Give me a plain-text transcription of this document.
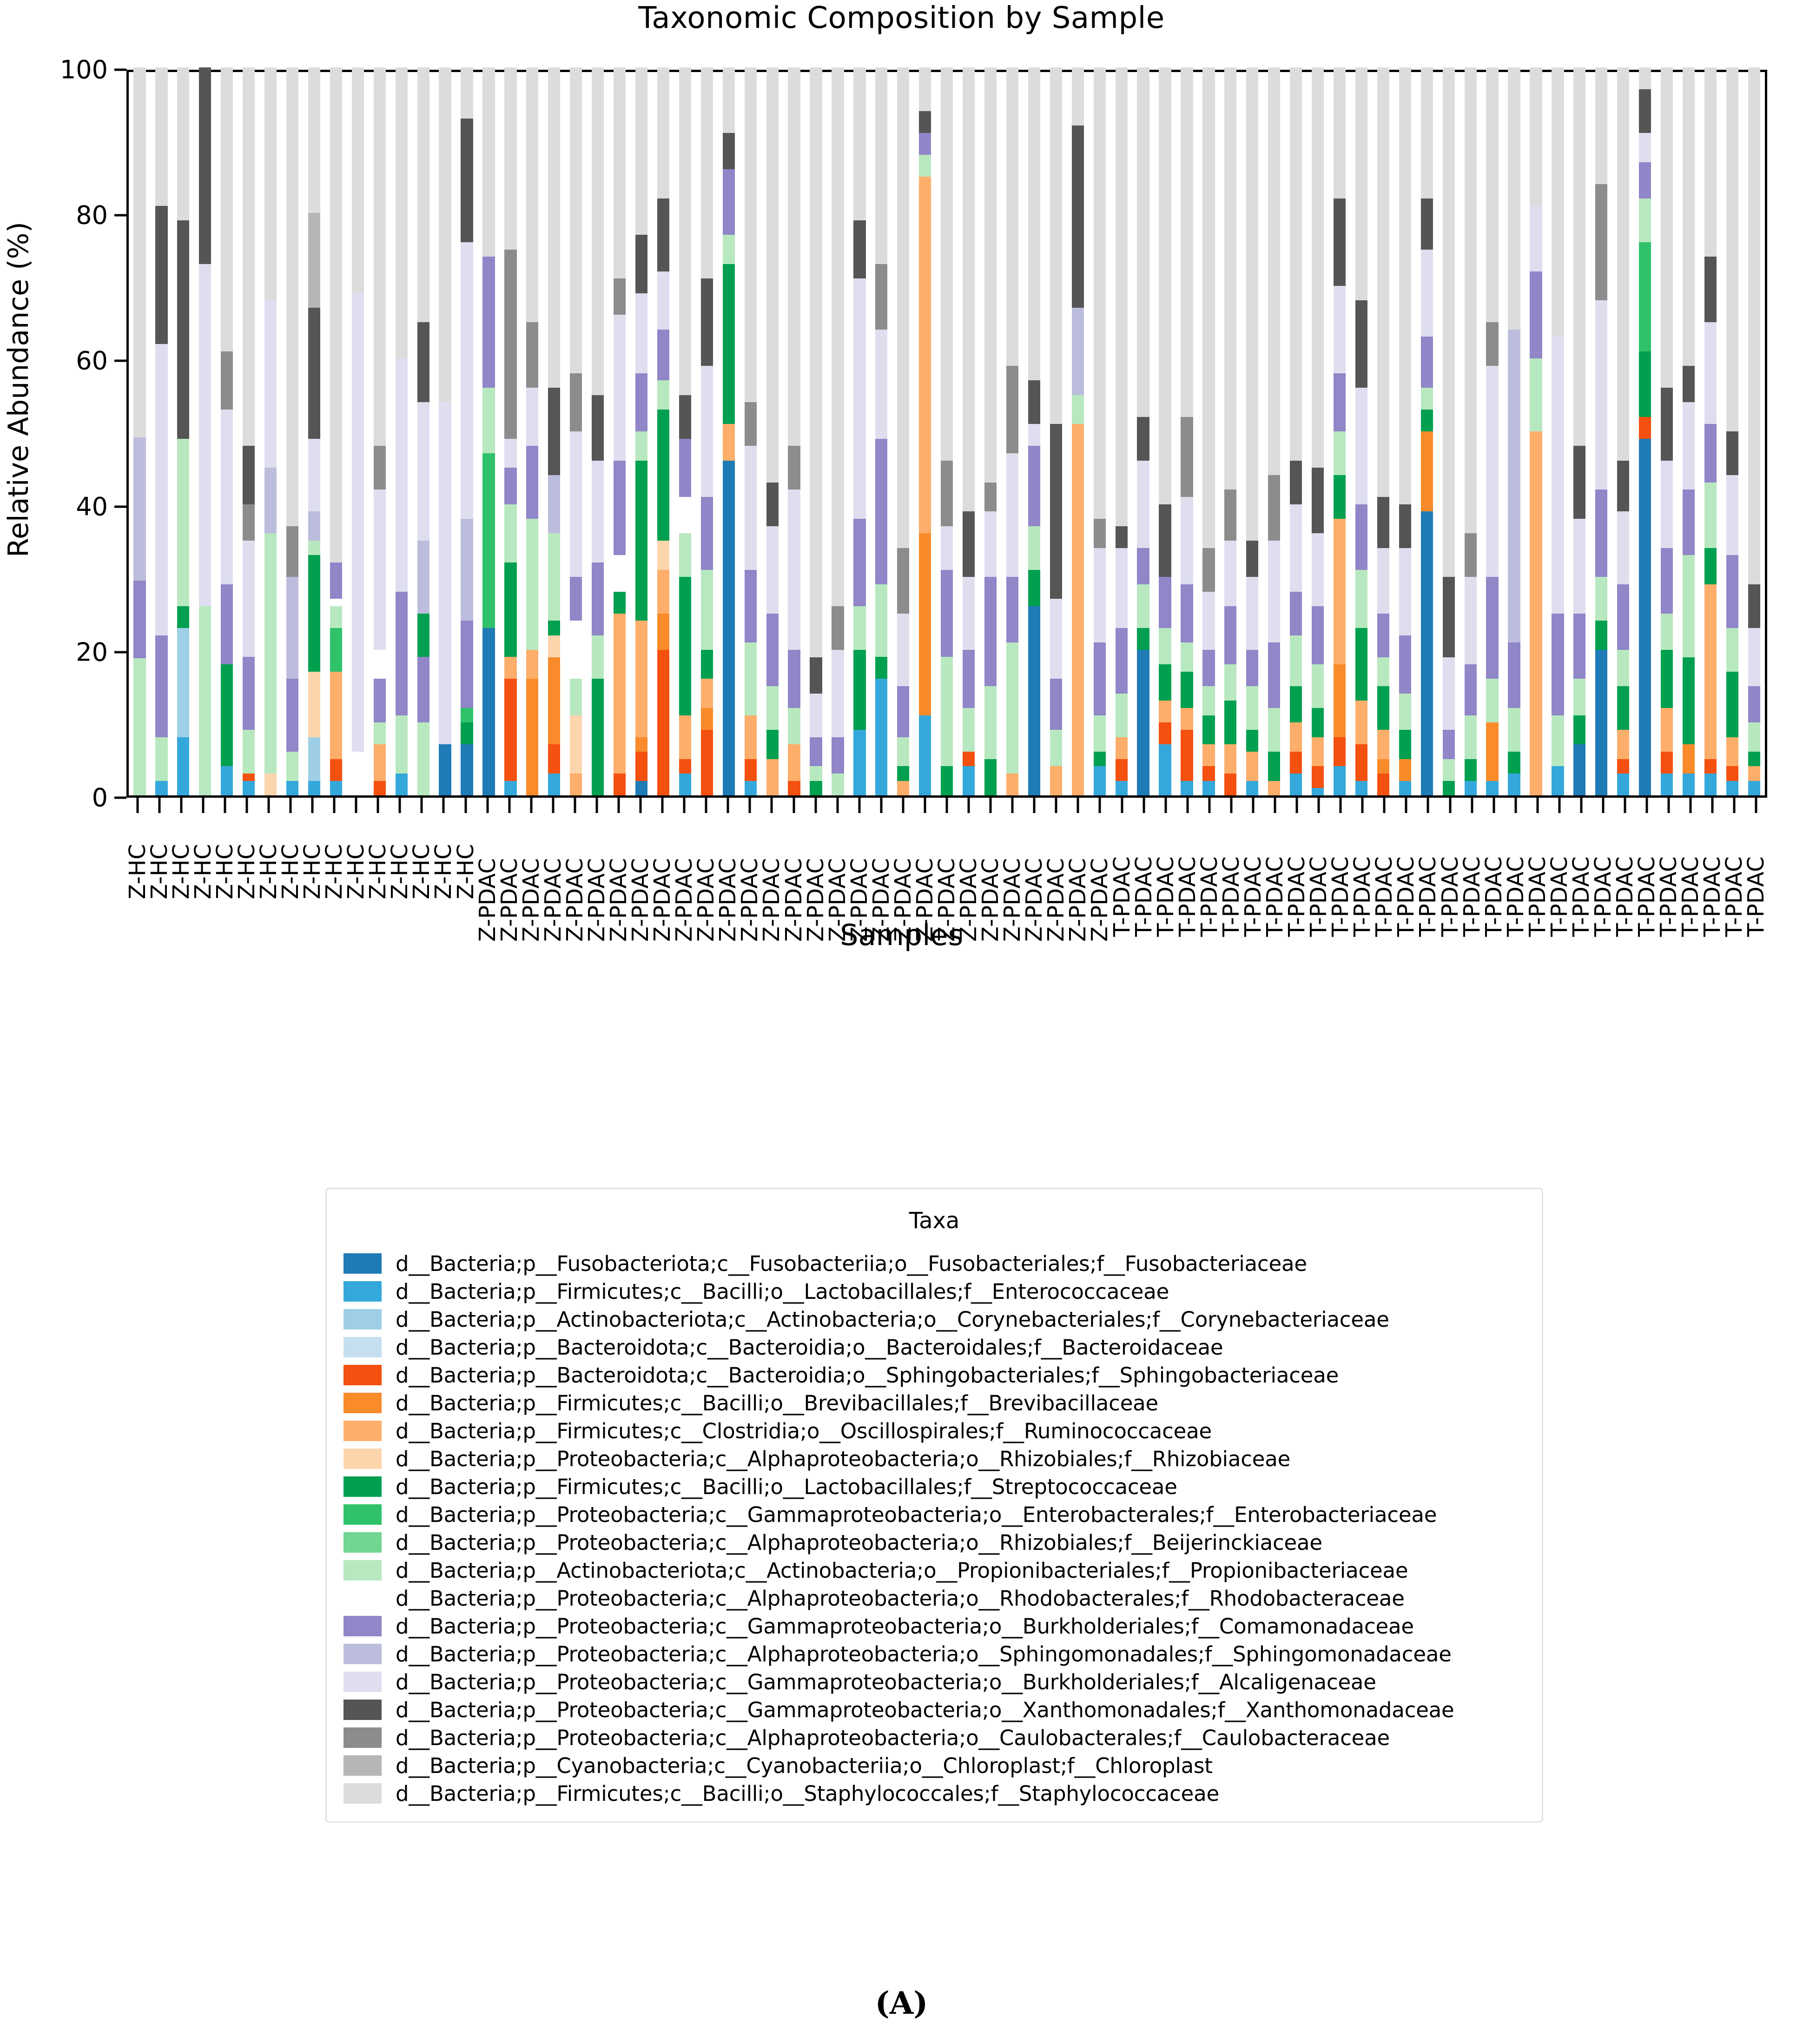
Taxonomic Composition by Sample
Relative Abundance (%)
0
20
40
60
80
100
Z-HC
Z-HC
Z-HC
Z-HC
Z-HC
Z-HC
Z-HC
Z-HC
Z-HC
Z-HC
Z-HC
Z-HC
Z-HC
Z-HC
Z-HC
Z-HC
Z-PDAC
Z-PDAC
Z-PDAC
Z-PDAC
Z-PDAC
Z-PDAC
Z-PDAC
Z-PDAC
Z-PDAC
Z-PDAC
Z-PDAC
Z-PDAC
Z-PDAC
Z-PDAC
Z-PDAC
Z-PDAC
Z-PDAC
Z-PDAC
Z-PDAC
Z-PDAC
Z-PDAC
Z-PDAC
Z-PDAC
Z-PDAC
Z-PDAC
Z-PDAC
Z-PDAC
Z-PDAC
Z-PDAC
T-PDAC
T-PDAC
T-PDAC
T-PDAC
T-PDAC
T-PDAC
T-PDAC
T-PDAC
T-PDAC
T-PDAC
T-PDAC
T-PDAC
T-PDAC
T-PDAC
T-PDAC
T-PDAC
T-PDAC
T-PDAC
T-PDAC
T-PDAC
T-PDAC
T-PDAC
T-PDAC
T-PDAC
T-PDAC
T-PDAC
T-PDAC
T-PDAC
T-PDAC
T-PDAC
Samples
Taxa
d__Bacteria;p__Fusobacteriota;c__Fusobacteriia;o__Fusobacteriales;f__Fusobacteriaceae
d__Bacteria;p__Firmicutes;c__Bacilli;o__Lactobacillales;f__Enterococcaceae
d__Bacteria;p__Actinobacteriota;c__Actinobacteria;o__Corynebacteriales;f__Corynebacteriaceae
d__Bacteria;p__Bacteroidota;c__Bacteroidia;o__Bacteroidales;f__Bacteroidaceae
d__Bacteria;p__Bacteroidota;c__Bacteroidia;o__Sphingobacteriales;f__Sphingobacteriaceae
d__Bacteria;p__Firmicutes;c__Bacilli;o__Brevibacillales;f__Brevibacillaceae
d__Bacteria;p__Firmicutes;c__Clostridia;o__Oscillospirales;f__Ruminococcaceae
d__Bacteria;p__Proteobacteria;c__Alphaproteobacteria;o__Rhizobiales;f__Rhizobiaceae
d__Bacteria;p__Firmicutes;c__Bacilli;o__Lactobacillales;f__Streptococcaceae
d__Bacteria;p__Proteobacteria;c__Gammaproteobacteria;o__Enterobacterales;f__Enterobacteriaceae
d__Bacteria;p__Proteobacteria;c__Alphaproteobacteria;o__Rhizobiales;f__Beijerinckiaceae
d__Bacteria;p__Actinobacteriota;c__Actinobacteria;o__Propionibacteriales;f__Propionibacteriaceae
d__Bacteria;p__Proteobacteria;c__Alphaproteobacteria;o__Rhodobacterales;f__Rhodobacteraceae
d__Bacteria;p__Proteobacteria;c__Gammaproteobacteria;o__Burkholderiales;f__Comamonadaceae
d__Bacteria;p__Proteobacteria;c__Alphaproteobacteria;o__Sphingomonadales;f__Sphingomonadaceae
d__Bacteria;p__Proteobacteria;c__Gammaproteobacteria;o__Burkholderiales;f__Alcaligenaceae
d__Bacteria;p__Proteobacteria;c__Gammaproteobacteria;o__Xanthomonadales;f__Xanthomonadaceae
d__Bacteria;p__Proteobacteria;c__Alphaproteobacteria;o__Caulobacterales;f__Caulobacteraceae
d__Bacteria;p__Cyanobacteria;c__Cyanobacteriia;o__Chloroplast;f__Chloroplast
d__Bacteria;p__Firmicutes;c__Bacilli;o__Staphylococcales;f__Staphylococcaceae
(A)
